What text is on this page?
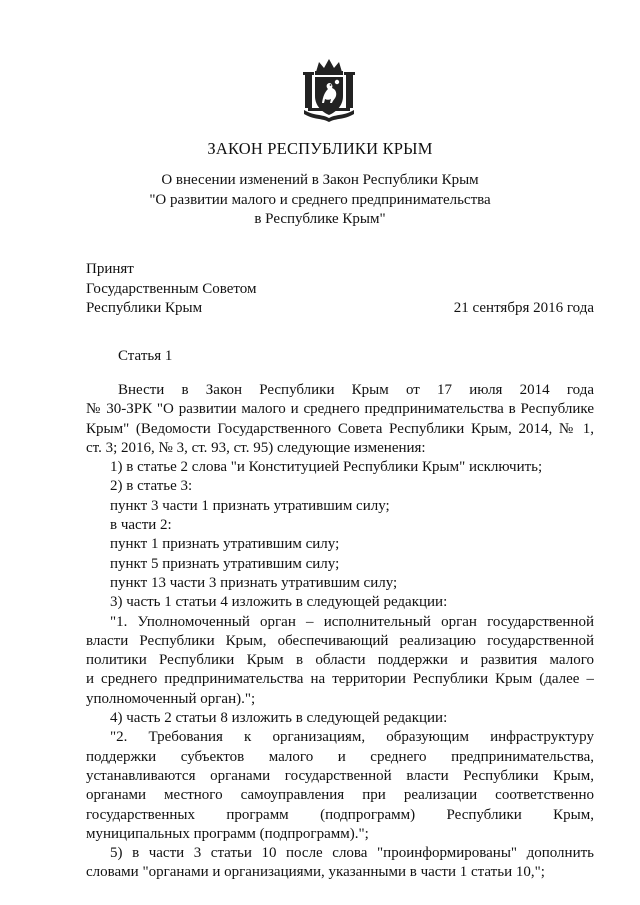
ЗАКОН РЕСПУБЛИКИ КРЫМ
О внесении изменений в Закон Республики Крым
"О развитии малого и среднего предпринимательства
в Республике Крым"
Принят
Государственным Советом
Республики Крым	21 сентября 2016 года
Статья 1
Внести в Закон Республики Крым от 17 июля 2014 года
№ 30-ЗРК "О развитии малого и среднего предпринимательства в Республике
Крым" (Ведомости Государственного Совета Республики Крым, 2014, № 1,
ст. 3; 2016, № 3, ст. 93, ст. 95) следующие изменения:
1) в статье 2 слова "и Конституцией Республики Крым" исключить;
2) в статье 3:
пункт 3 части 1 признать утратившим силу;
в части 2:
пункт 1 признать утратившим силу;
пункт 5 признать утратившим силу;
пункт 13 части 3 признать утратившим силу;
3) часть 1 статьи 4 изложить в следующей редакции:
"1. Уполномоченный орган – исполнительный орган государственной
власти Республики Крым, обеспечивающий реализацию государственной
политики Республики Крым в области поддержки и развития малого
и среднего предпринимательства на территории Республики Крым (далее –
уполномоченный орган).";
4) часть 2 статьи 8 изложить в следующей редакции:
"2. Требования к организациям, образующим инфраструктуру
поддержки субъектов малого и среднего предпринимательства,
устанавливаются органами государственной власти Республики Крым,
органами местного самоуправления при реализации соответственно
государственных программ (подпрограмм) Республики Крым,
муниципальных программ (подпрограмм).";
5) в части 3 статьи 10 после слова "проинформированы" дополнить
словами "органами и организациями, указанными в части 1 статьи 10,";
